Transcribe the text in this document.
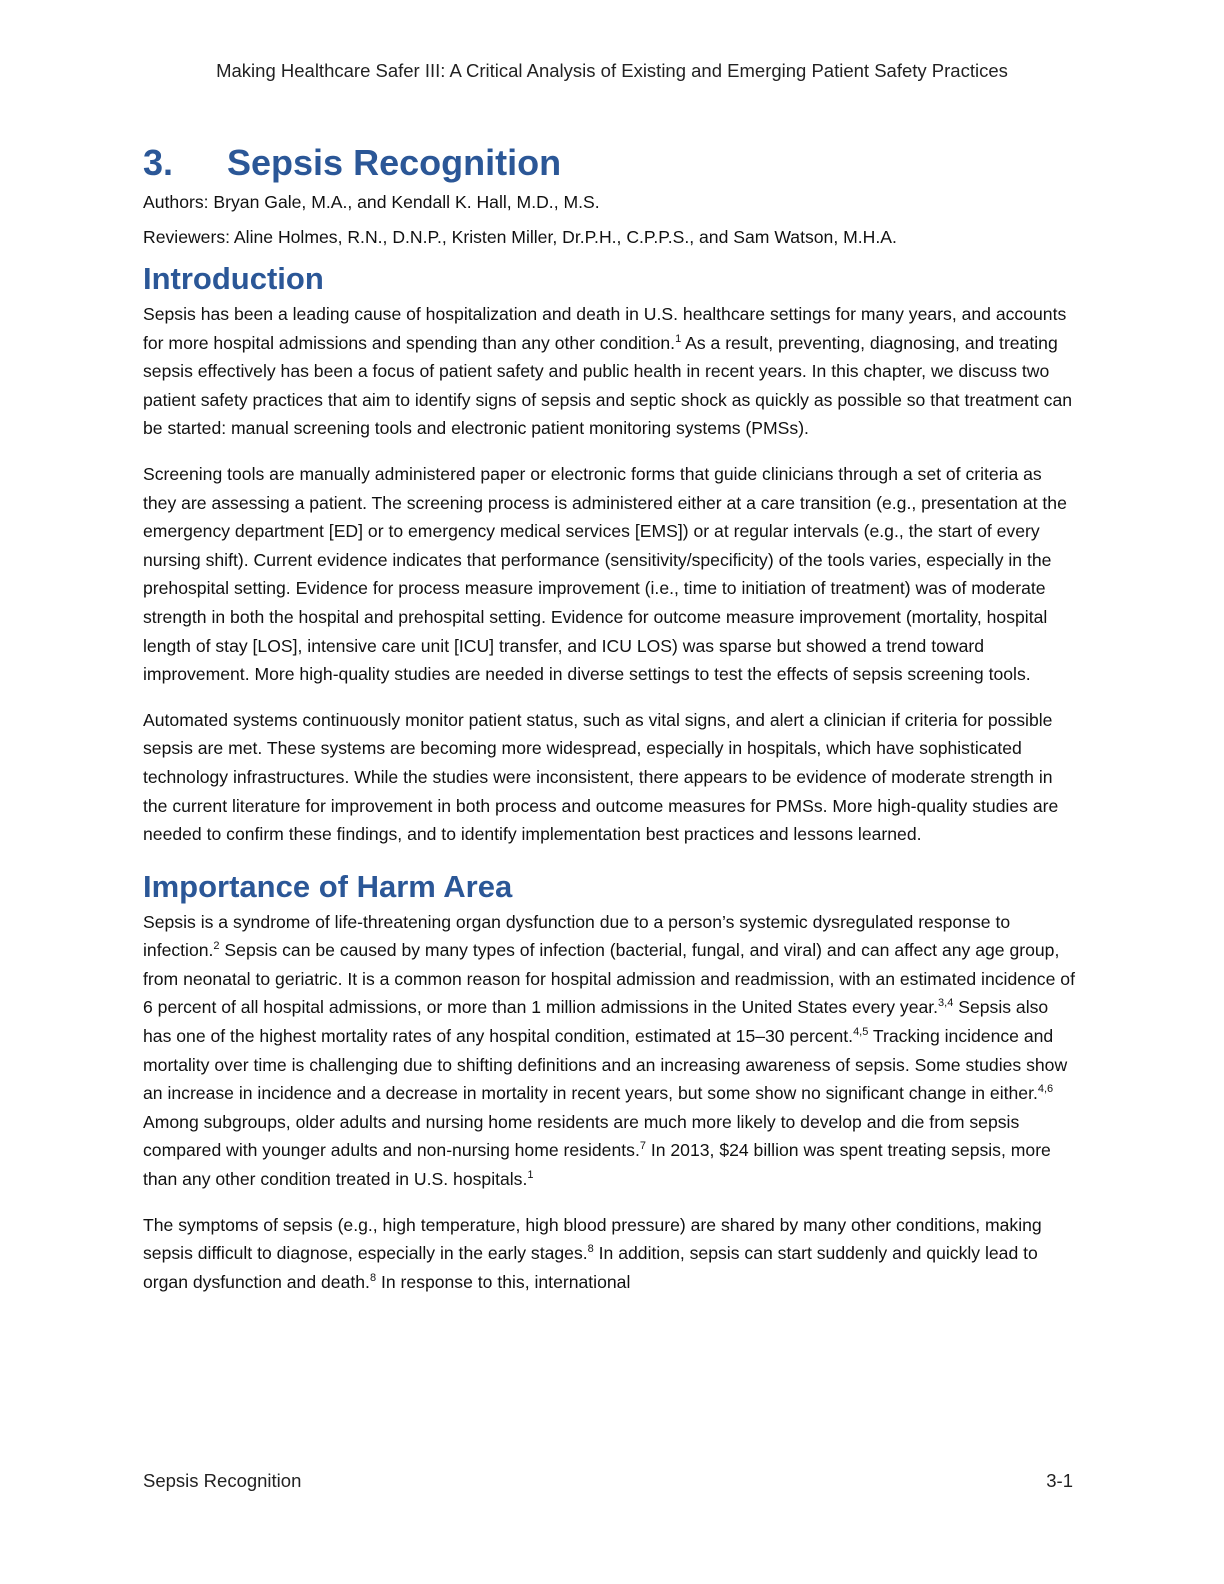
Making Healthcare Safer III: A Critical Analysis of Existing and Emerging Patient Safety Practices
3. Sepsis Recognition

Authors: Bryan Gale, M.A., and Kendall K. Hall, M.D., M.S.

Reviewers: Aline Holmes, R.N., D.N.P., Kristen Miller, Dr.P.H., C.P.P.S., and Sam Watson, M.H.A.

Introduction

Sepsis has been a leading cause of hospitalization and death in U.S. healthcare settings for many years, and accounts for more hospital admissions and spending than any other condition.$^1$ As a result, preventing, diagnosing, and treating sepsis effectively has been a focus of patient safety and public health in recent years. In this chapter, we discuss two patient safety practices that aim to identify signs of sepsis and septic shock as quickly as possible so that treatment can be started: manual screening tools and electronic patient monitoring systems (PMSs).

Screening tools are manually administered paper or electronic forms that guide clinicians through a set of criteria as they are assessing a patient. The screening process is administered either at a care transition (e.g., presentation at the emergency department [ED] or to emergency medical services [EMS]) or at regular intervals (e.g., the start of every nursing shift). Current evidence indicates that performance (sensitivity/specificity) of the tools varies, especially in the prehospital setting. Evidence for process measure improvement (i.e., time to initiation of treatment) was of moderate strength in both the hospital and prehospital setting. Evidence for outcome measure improvement (mortality, hospital length of stay [LOS], intensive care unit [ICU] transfer, and ICU LOS) was sparse but showed a trend toward improvement. More high-quality studies are needed in diverse settings to test the effects of sepsis screening tools.

Automated systems continuously monitor patient status, such as vital signs, and alert a clinician if criteria for possible sepsis are met. These systems are becoming more widespread, especially in hospitals, which have sophisticated technology infrastructures. While the studies were inconsistent, there appears to be evidence of moderate strength in the current literature for improvement in both process and outcome measures for PMSs. More high-quality studies are needed to confirm these findings, and to identify implementation best practices and lessons learned.

Importance of Harm Area

Sepsis is a syndrome of life-threatening organ dysfunction due to a person’s systemic dysregulated response to infection.$^2$ Sepsis can be caused by many types of infection (bacterial, fungal, and viral) and can affect any age group, from neonatal to geriatric. It is a common reason for hospital admission and readmission, with an estimated incidence of 6 percent of all hospital admissions, or more than 1 million admissions in the United States every year.$^{3,4}$ Sepsis also has one of the highest mortality rates of any hospital condition, estimated at 15–30 percent.$^{4,5}$ Tracking incidence and mortality over time is challenging due to shifting definitions and an increasing awareness of sepsis. Some studies show an increase in incidence and a decrease in mortality in recent years, but some show no significant change in either.$^{4,6}$ Among subgroups, older adults and nursing home residents are much more likely to develop and die from sepsis compared with younger adults and non-nursing home residents.$^7$ In 2013, $24 billion was spent treating sepsis, more than any other condition treated in U.S. hospitals.$^1$

The symptoms of sepsis (e.g., high temperature, high blood pressure) are shared by many other conditions, making sepsis difficult to diagnose, especially in the early stages.$^8$ In addition, sepsis can start suddenly and quickly lead to organ dysfunction and death.$^8$ In response to this, international

Sepsis Recognition	3-1
